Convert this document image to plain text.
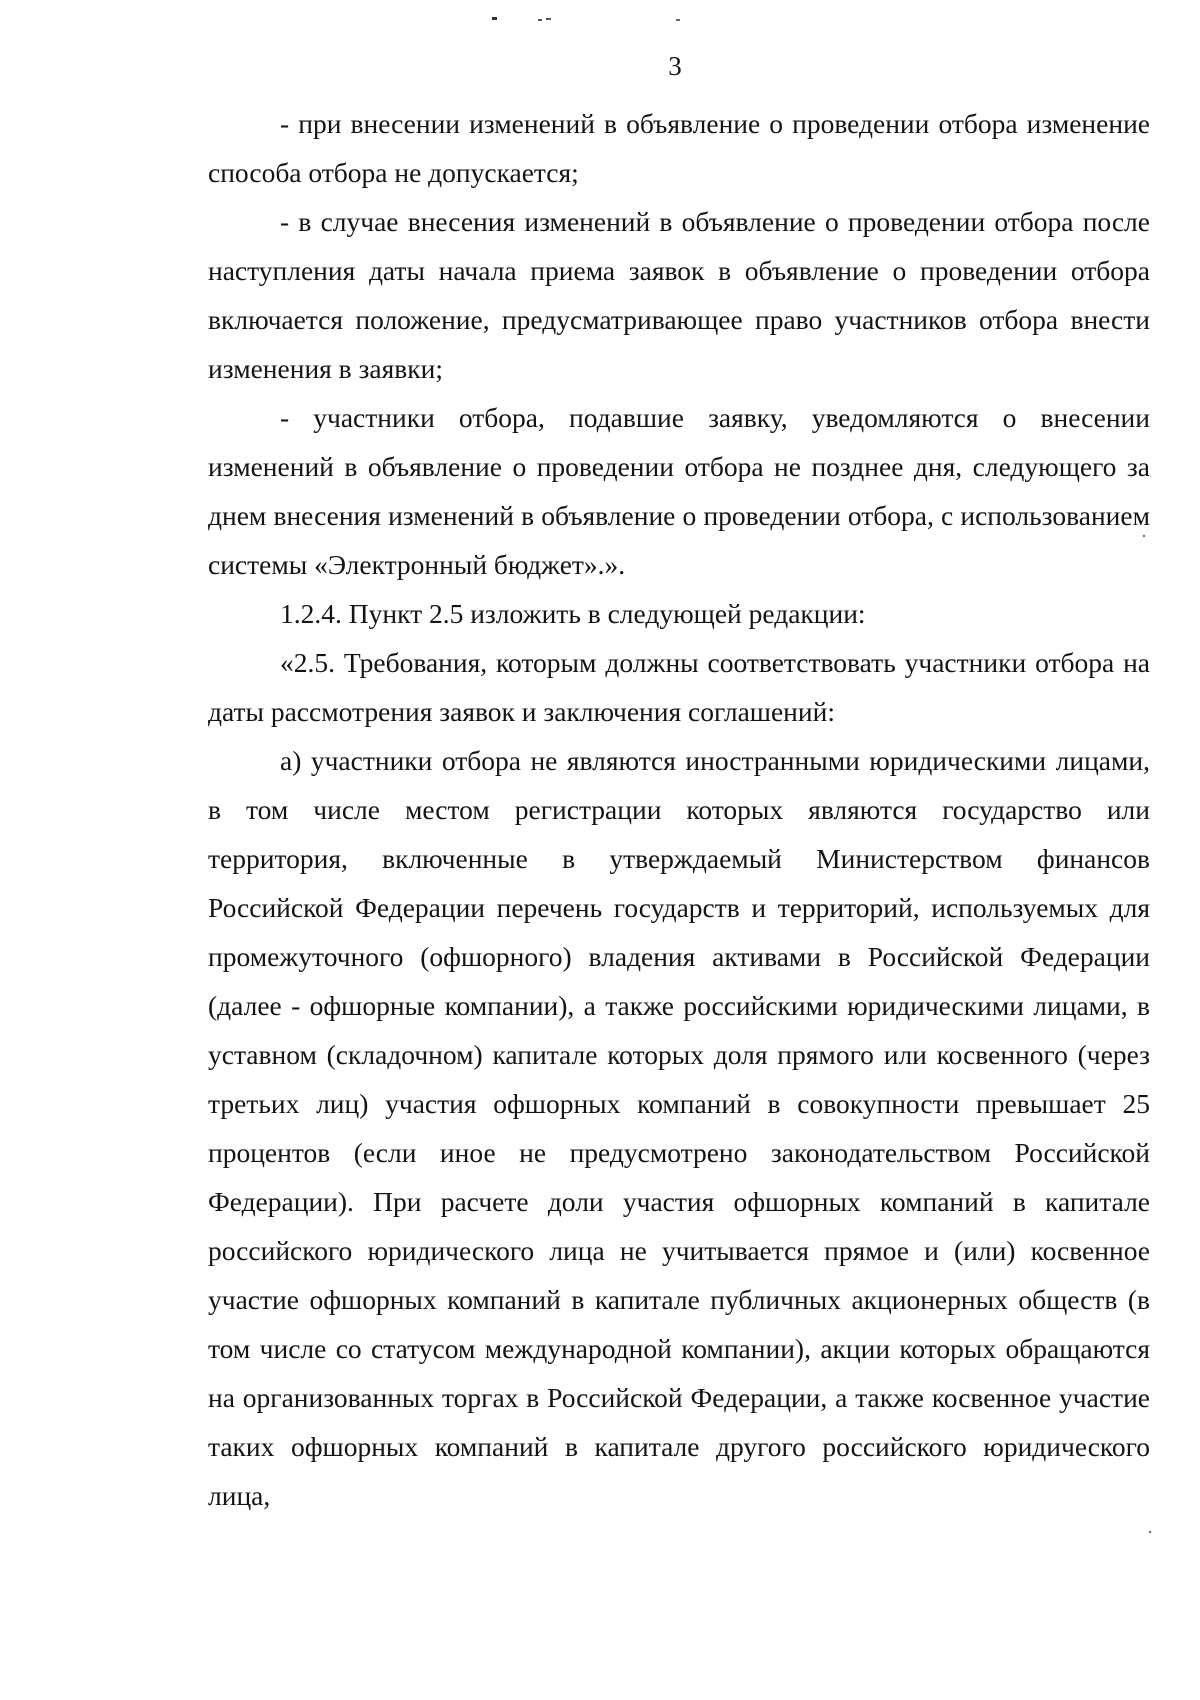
3

- при внесении изменений в объявление о проведении отбора изменение способа отбора не допускается;

- в случае внесения изменений в объявление о проведении отбора после наступления даты начала приема заявок в объявление о проведении отбора включается положение, предусматривающее право участников отбора внести изменения в заявки;

- участники отбора, подавшие заявку, уведомляются о внесении изменений в объявление о проведении отбора не позднее дня, следующего за днем внесения изменений в объявление о проведении отбора, с использованием системы «Электронный бюджет».».

1.2.4. Пункт 2.5 изложить в следующей редакции:

«2.5. Требования, которым должны соответствовать участники отбора на даты рассмотрения заявок и заключения соглашений:

а) участники отбора не являются иностранными юридическими лицами, в том числе местом регистрации которых являются государство или территория, включенные в утверждаемый Министерством финансов Российской Федерации перечень государств и территорий, используемых для промежуточного (офшорного) владения активами в Российской Федерации (далее - офшорные компании), а также российскими юридическими лицами, в уставном (складочном) капитале которых доля прямого или косвенного (через третьих лиц) участия офшорных компаний в совокупности превышает 25 процентов (если иное не предусмотрено законодательством Российской Федерации). При расчете доли участия офшорных компаний в капитале российского юридического лица не учитывается прямое и (или) косвенное участие офшорных компаний в капитале публичных акционерных обществ (в том числе со статусом международной компании), акции которых обращаются на организованных торгах в Российской Федерации, а также косвенное участие таких офшорных компаний в капитале другого российского юридического лица,
